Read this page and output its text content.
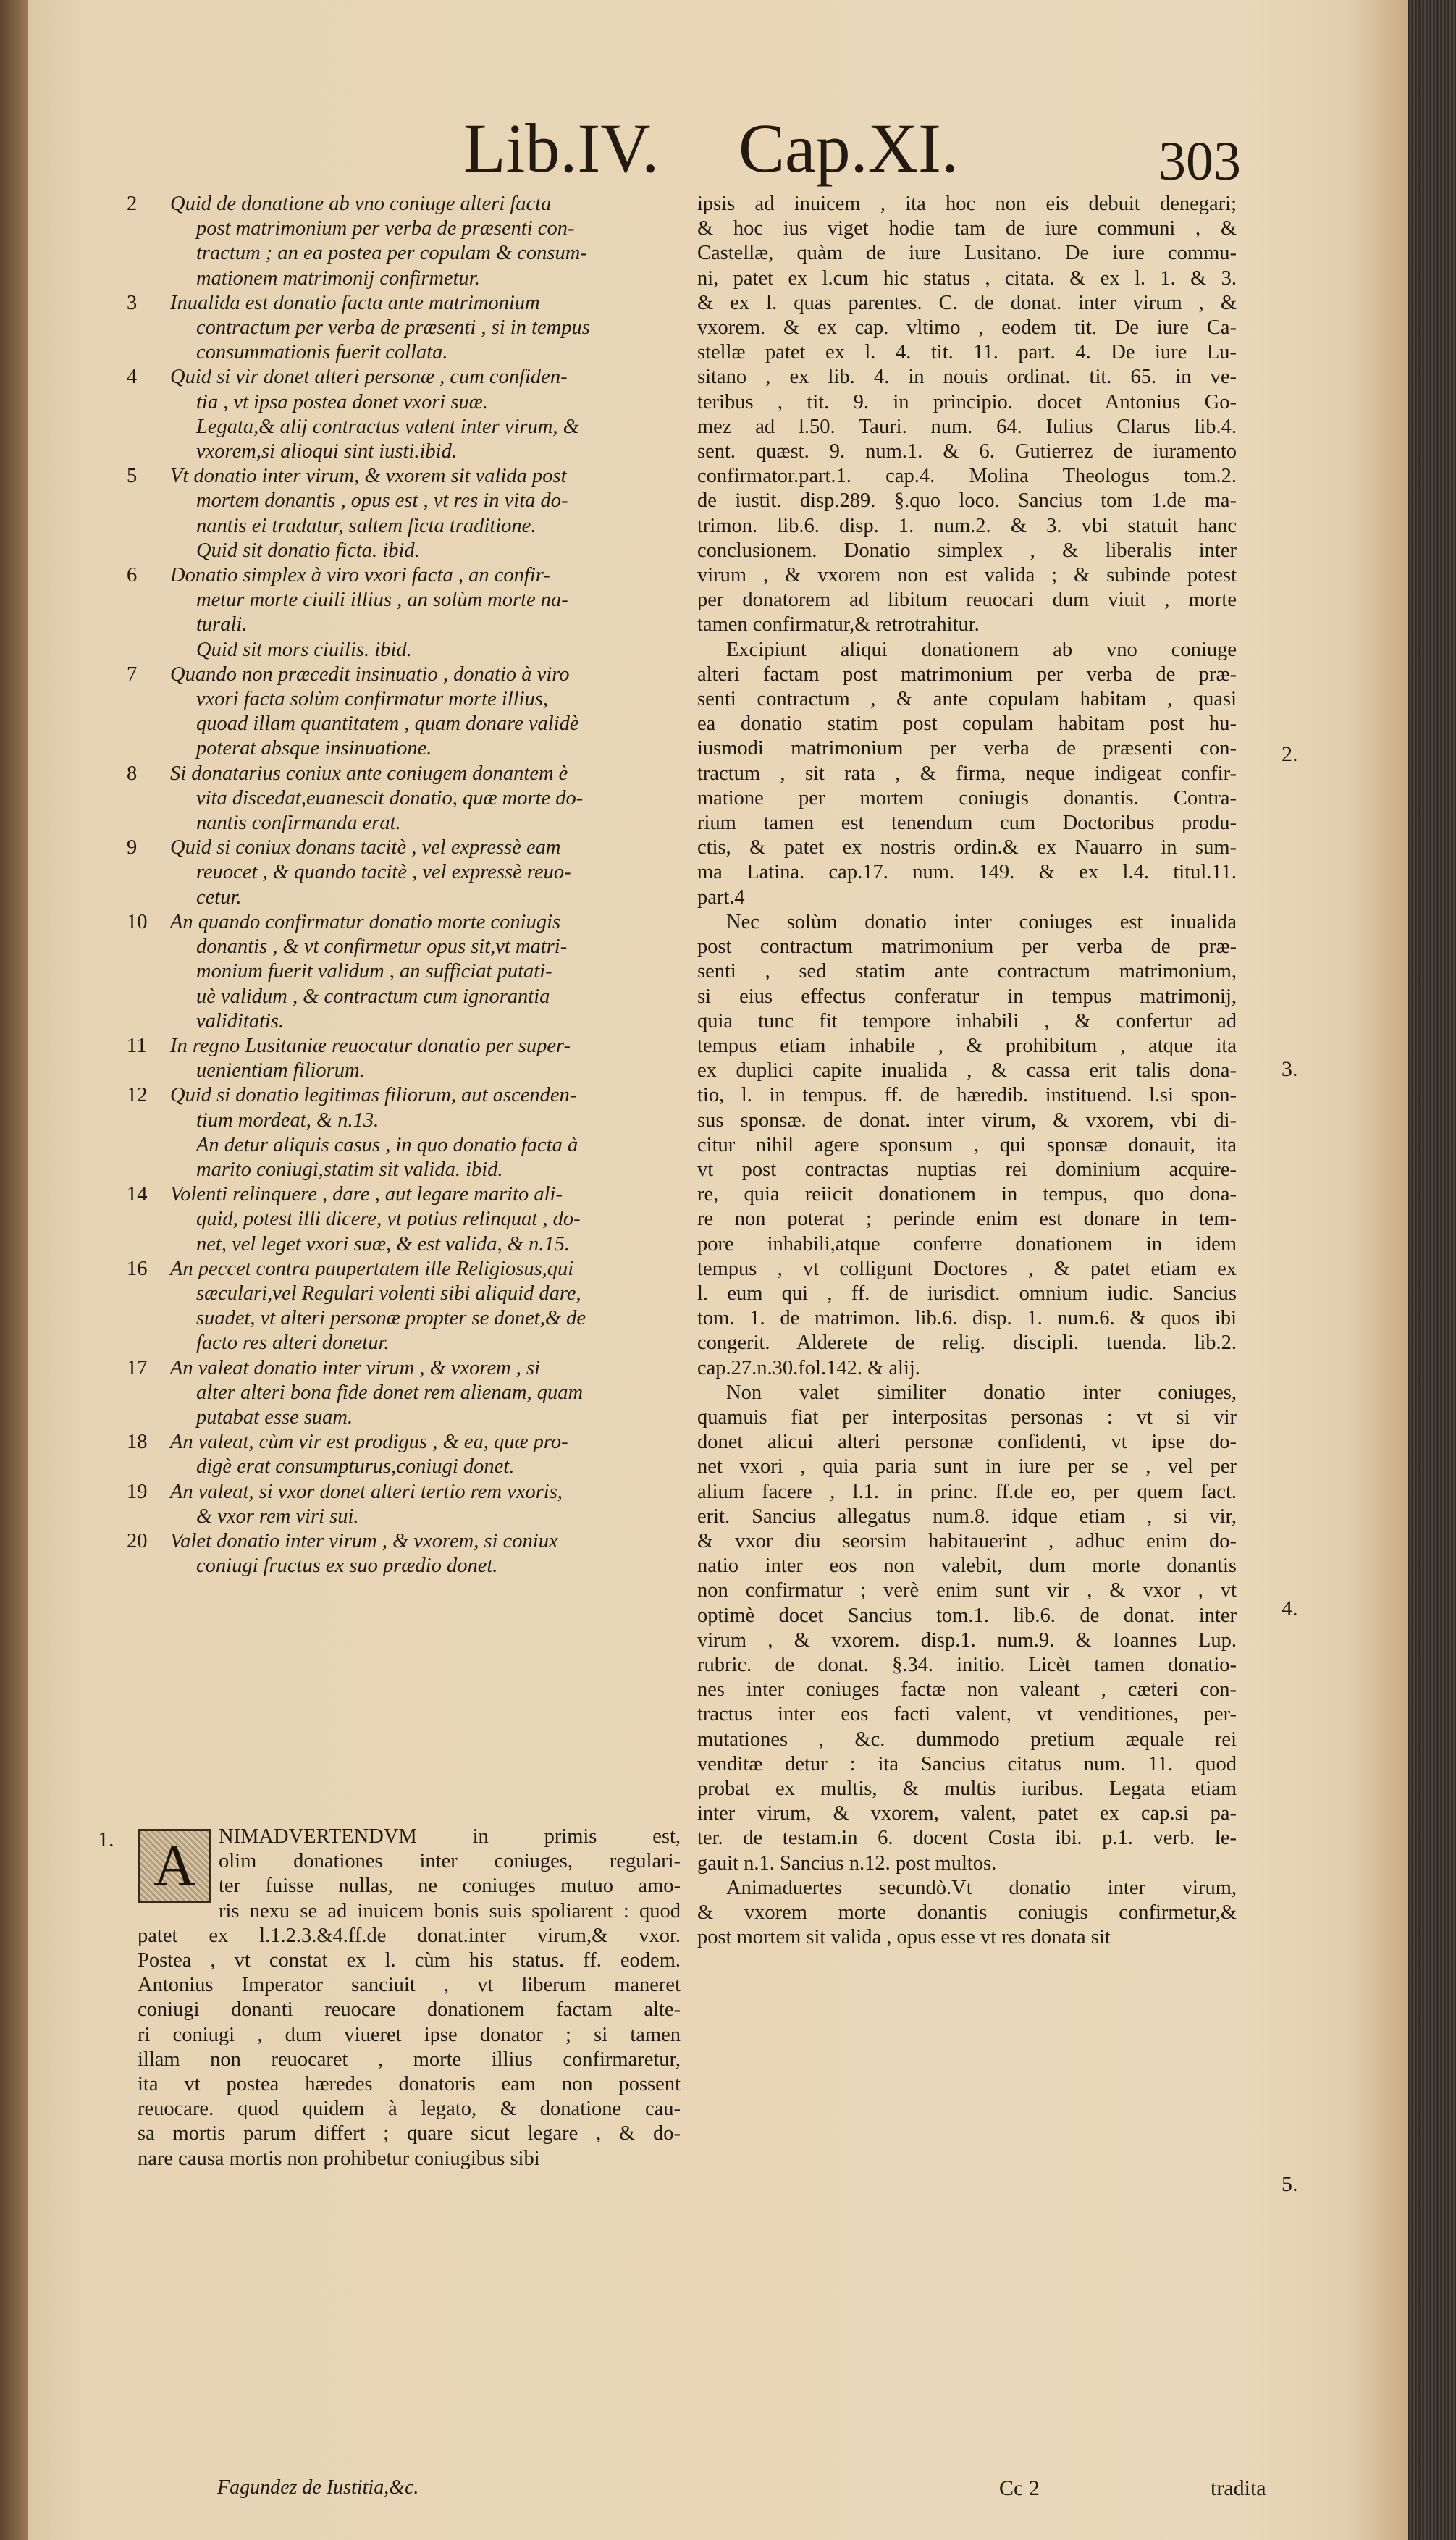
Lib.IV. Cap.XI.	303
2	Quid de donatione ab vno coniuge alteri facta
post matrimonium per verba de præsenti con-
tractum ; an ea postea per copulam & consum-
mationem matrimonij confirmetur.
3	Inualida est donatio facta ante matrimonium
contractum per verba de præsenti , si in tempus
consummationis fuerit collata.
4	Quid si vir donet alteri personæ , cum confiden-
tia , vt ipsa postea donet vxori suæ.
Legata,& alij contractus valent inter virum, &
vxorem,si alioqui sint iusti.ibid.
5	Vt donatio inter virum, & vxorem sit valida post
mortem donantis , opus est , vt res in vita do-
nantis ei tradatur, saltem ficta traditione.
Quid sit donatio ficta. ibid.
6	Donatio simplex à viro vxori facta , an confir-
metur morte ciuili illius , an solùm morte na-
turali.
Quid sit mors ciuilis. ibid.
7	Quando non præcedit insinuatio , donatio à viro
vxori facta solùm confirmatur morte illius,
quoad illam quantitatem , quam donare validè
poterat absque insinuatione.
8	Si donatarius coniux ante coniugem donantem è
vita discedat,euanescit donatio, quæ morte do-
nantis confirmanda erat.
9	Quid si coniux donans tacitè , vel expressè eam
reuocet , & quando tacitè , vel expressè reuo-
cetur.
10	An quando confirmatur donatio morte coniugis
donantis , & vt confirmetur opus sit,vt matri-
monium fuerit validum , an sufficiat putati-
uè validum , & contractum cum ignorantia
validitatis.
11	In regno Lusitaniæ reuocatur donatio per super-
uenientiam filiorum.
12	Quid si donatio legitimas filiorum, aut ascenden-
tium mordeat, & n.13.
An detur aliquis casus , in quo donatio facta à
marito coniugi,statim sit valida. ibid.
14	Volenti relinquere , dare , aut legare marito ali-
quid, potest illi dicere, vt potius relinquat , do-
net, vel leget vxori suæ, & est valida, & n.15.
16	An peccet contra paupertatem ille Religiosus,qui
sæculari,vel Regulari volenti sibi aliquid dare,
suadet, vt alteri personæ propter se donet,& de
facto res alteri donetur.
17	An valeat donatio inter virum , & vxorem , si
alter alteri bona fide donet rem alienam, quam
putabat esse suam.
18	An valeat, cùm vir est prodigus , & ea, quæ pro-
digè erat consumpturus,coniugi donet.
19	An valeat, si vxor donet alteri tertio rem vxoris,
& vxor rem viri sui.
20	Valet donatio inter virum , & vxorem, si coniux
coniugi fructus ex suo prædio donet.
A	NIMADVERTENDVM in primis est,
olim donationes inter coniuges, regulari-
ter fuisse nullas, ne coniuges mutuo amo-
ris nexu se ad inuicem bonis suis spoliarent : quod
patet ex l.1.2.3.&4.ff.de donat.inter virum,& vxor.
Postea , vt constat ex l. cùm his status. ff. eodem.
Antonius Imperator sanciuit , vt liberum maneret
coniugi donanti reuocare donationem factam alte-
ri coniugi , dum viueret ipse donator ; si tamen
illam non reuocaret , morte illius confirmaretur,
ita vt postea hæredes donatoris eam non possent
reuocare. quod quidem à legato, & donatione cau-
sa mortis parum differt ; quare sicut legare , & do-
nare causa mortis non prohibetur coniugibus sibi
ipsis ad inuicem , ita hoc non eis debuit denegari;
& hoc ius viget hodie tam de iure communi , &
Castellæ, quàm de iure Lusitano. De iure commu-
ni, patet ex l.cum hic status , citata. & ex l. 1. & 3.
& ex l. quas parentes. C. de donat. inter virum , &
vxorem. & ex cap. vltimo , eodem tit. De iure Ca-
stellæ patet ex l. 4. tit. 11. part. 4. De iure Lu-
sitano , ex lib. 4. in nouis ordinat. tit. 65. in ve-
teribus , tit. 9. in principio. docet Antonius Go-
mez ad l.50. Tauri. num. 64. Iulius Clarus lib.4.
sent. quæst. 9. num.1. & 6. Gutierrez de iuramento
confirmator.part.1. cap.4. Molina Theologus tom.2.
de iustit. disp.289. §.quo loco. Sancius tom 1.de ma-
trimon. lib.6. disp. 1. num.2. & 3. vbi statuit hanc
conclusionem. Donatio simplex , & liberalis inter
virum , & vxorem non est valida ; & subinde potest
per donatorem ad libitum reuocari dum viuit , morte
tamen confirmatur,& retrotrahitur.
Excipiunt aliqui donationem ab vno coniuge
alteri factam post matrimonium per verba de præ-
senti contractum , & ante copulam habitam , quasi
ea donatio statim post copulam habitam post hu-
iusmodi matrimonium per verba de præsenti con-
tractum , sit rata , & firma, neque indigeat confir-
matione per mortem coniugis donantis. Contra-
rium tamen est tenendum cum Doctoribus produ-
ctis, & patet ex nostris ordin.& ex Nauarro in sum-
ma Latina. cap.17. num. 149. & ex l.4. titul.11.
part.4
Nec solùm donatio inter coniuges est inualida
post contractum matrimonium per verba de præ-
senti , sed statim ante contractum matrimonium,
si eius effectus conferatur in tempus matrimonij,
quia tunc fit tempore inhabili , & confertur ad
tempus etiam inhabile , & prohibitum , atque ita
ex duplici capite inualida , & cassa erit talis dona-
tio, l. in tempus. ff. de hæredib. instituend. l.si spon-
sus sponsæ. de donat. inter virum, & vxorem, vbi di-
citur nihil agere sponsum , qui sponsæ donauit, ita
vt post contractas nuptias rei dominium acquire-
re, quia reiicit donationem in tempus, quo dona-
re non poterat ; perinde enim est donare in tem-
pore inhabili,atque conferre donationem in idem
tempus , vt colligunt Doctores , & patet etiam ex
l. eum qui , ff. de iurisdict. omnium iudic. Sancius
tom. 1. de matrimon. lib.6. disp. 1. num.6. & quos ibi
congerit. Alderete de relig. discipli. tuenda. lib.2.
cap.27.n.30.fol.142. & alij.
Non valet similiter donatio inter coniuges,
quamuis fiat per interpositas personas : vt si vir
donet alicui alteri personæ confidenti, vt ipse do-
net vxori , quia paria sunt in iure per se , vel per
alium facere , l.1. in princ. ff.de eo, per quem fact.
erit. Sancius allegatus num.8. idque etiam , si vir,
& vxor diu seorsim habitauerint , adhuc enim do-
natio inter eos non valebit, dum morte donantis
non confirmatur ; verè enim sunt vir , & vxor , vt
optimè docet Sancius tom.1. lib.6. de donat. inter
virum , & vxorem. disp.1. num.9. & Ioannes Lup.
rubric. de donat. §.34. initio. Licèt tamen donatio-
nes inter coniuges factæ non valeant , cæteri con-
tractus inter eos facti valent, vt venditiones, per-
mutationes , &c. dummodo pretium æquale rei
venditæ detur : ita Sancius citatus num. 11. quod
probat ex multis, & multis iuribus. Legata etiam
inter virum, & vxorem, valent, patet ex cap.si pa-
ter. de testam.in 6. docent Costa ibi. p.1. verb. le-
gauit n.1. Sancius n.12. post multos.
Animaduertes secundò.Vt donatio inter virum,
& vxorem morte donantis coniugis confirmetur,&
post mortem sit valida , opus esse vt res donata sit
1.
2.
3.
4.
5.
Fagundez de Iustitia,&c.	Cc 2	tradita
